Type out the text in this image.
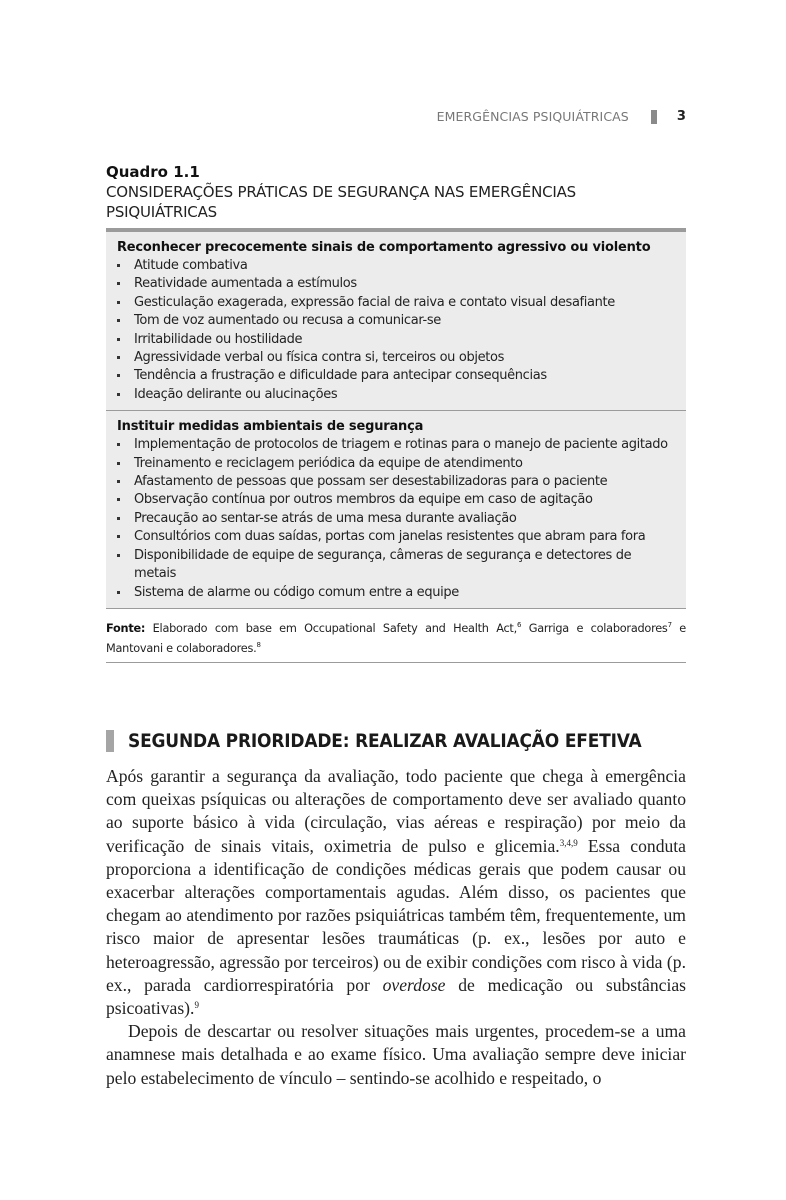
EMERGÊNCIAS PSIQUIÁTRICAS	3
Quadro 1.1
CONSIDERAÇÕES PRÁTICAS DE SEGURANÇA NAS EMERGÊNCIAS PSIQUIÁTRICAS
Reconhecer precocemente sinais de comportamento agressivo ou violento
Atitude combativa
Reatividade aumentada a estímulos
Gesticulação exagerada, expressão facial de raiva e contato visual desafiante
Tom de voz aumentado ou recusa a comunicar-se
Irritabilidade ou hostilidade
Agressividade verbal ou física contra si, terceiros ou objetos
Tendência a frustração e dificuldade para antecipar consequências
Ideação delirante ou alucinações
Instituir medidas ambientais de segurança
Implementação de protocolos de triagem e rotinas para o manejo de paciente agitado
Treinamento e reciclagem periódica da equipe de atendimento
Afastamento de pessoas que possam ser desestabilizadoras para o paciente
Observação contínua por outros membros da equipe em caso de agitação
Precaução ao sentar-se atrás de uma mesa durante avaliação
Consultórios com duas saídas, portas com janelas resistentes que abram para fora
Disponibilidade de equipe de segurança, câmeras de segurança e detectores de metais
Sistema de alarme ou código comum entre a equipe
Fonte: Elaborado com base em Occupational Safety and Health Act,$^6$ Garriga e colaboradores$^7$ e Mantovani e colaboradores.$^8$
SEGUNDA PRIORIDADE: REALIZAR AVALIAÇÃO EFETIVA

Após garantir a segurança da avaliação, todo paciente que chega à emergência com queixas psíquicas ou alterações de comportamento deve ser avaliado quanto ao suporte básico à vida (circulação, vias aéreas e respiração) por meio da verificação de sinais vitais, oximetria de pulso e glicemia.$^{3,4,9}$ Essa conduta proporciona a identificação de condições médicas gerais que podem causar ou exacerbar alterações comportamentais agudas. Além disso, os pacientes que chegam ao atendimento por razões psiquiátricas também têm, frequentemente, um risco maior de apresentar lesões traumáticas (p. ex., lesões por auto e heteroagressão, agressão por terceiros) ou de exibir condições com risco à vida (p. ex., parada cardiorrespiratória por overdose de medicação ou substâncias psicoativas).$^9$

Depois de descartar ou resolver situações mais urgentes, procedem-se a uma anamnese mais detalhada e ao exame físico. Uma avaliação sempre deve iniciar pelo estabelecimento de vínculo – sentindo-se acolhido e respeitado, o
